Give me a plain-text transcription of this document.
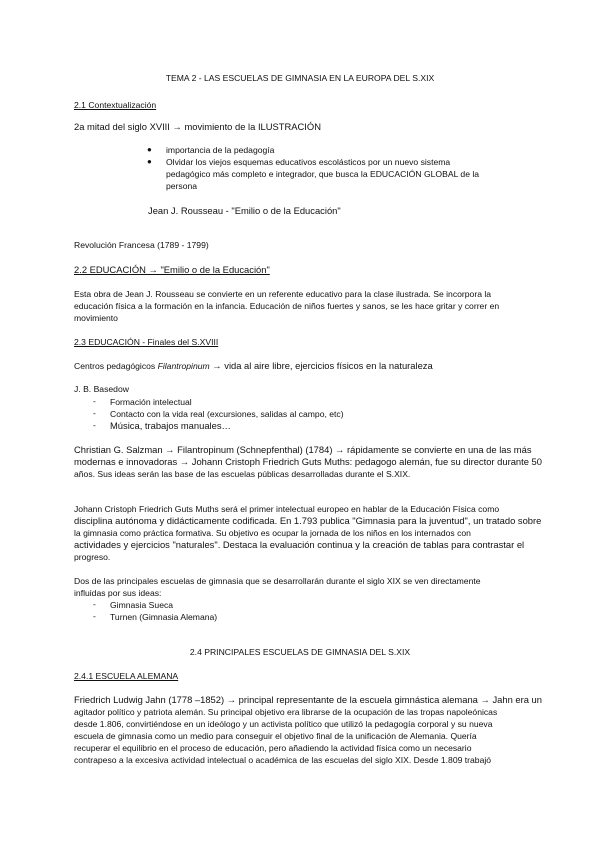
TEMA 2 - LAS ESCUELAS DE GIMNASIA EN LA EUROPA DEL S.XIX
2.1 Contextualización
2a mitad del siglo XVIII → movimiento de la ILUSTRACIÓN
● importancia de la pedagogía
● Olvidar los viejos esquemas educativos escolásticos por un nuevo sistema
pedagógico más completo e integrador, que busca la EDUCACIÓN GLOBAL de la
persona
Jean J. Rousseau - "Emilio o de la Educación"
Revolución Francesa (1789 - 1799)
2.2 EDUCACIÓN → "Emilio o de la Educación"
Esta obra de Jean J. Rousseau se convierte en un referente educativo para la clase ilustrada. Se incorpora la
educación física a la formación en la infancia. Educación de niños fuertes y sanos, se les hace gritar y correr en
movimiento
2.3 EDUCACIÓN - Finales del S.XVIII
Centros pedagógicos Filantropinum → vida al aire libre, ejercicios físicos en la naturaleza
J. B. Basedow
- Formación intelectual
- Contacto con la vida real (excursiones, salidas al campo, etc)
- Música, trabajos manuales…
Christian G. Salzman → Filantropinum (Schnepfenthal) (1784) → rápidamente se convierte en una de las más
modernas e innovadoras → Johann Cristoph Friedrich Guts Muths: pedagogo alemán, fue su director durante 50
años. Sus ideas serán las base de las escuelas públicas desarrolladas durante el S.XIX.
Johann Cristoph Friedrich Guts Muths será el primer intelectual europeo en hablar de la Educación Física como
disciplina autónoma y didácticamente codificada. En 1.793 publica "Gimnasia para la juventud", un tratado sobre
la gimnasia como práctica formativa. Su objetivo es ocupar la jornada de los niños en los internados con
actividades y ejercicios "naturales". Destaca la evaluación continua y la creación de tablas para contrastar el
progreso.
Dos de las principales escuelas de gimnasia que se desarrollarán durante el siglo XIX se ven directamente
influidas por sus ideas:
- Gimnasia Sueca
- Turnen (Gimnasia Alemana)
2.4 PRINCIPALES ESCUELAS DE GIMNASIA DEL S.XIX
2.4.1 ESCUELA ALEMANA
Friedrich Ludwig Jahn (1778 –1852) → principal representante de la escuela gimnástica alemana → Jahn era un
agitador político y patriota alemán. Su principal objetivo era librarse de la ocupación de las tropas napoleónicas
desde 1.806, convirtiéndose en un ideólogo y un activista político que utilizó la pedagogía corporal y su nueva
escuela de gimnasia como un medio para conseguir el objetivo final de la unificación de Alemania. Quería
recuperar el equilibrio en el proceso de educación, pero añadiendo la actividad física como un necesario
contrapeso a la excesiva actividad intelectual o académica de las escuelas del siglo XIX. Desde 1.809 trabajó
